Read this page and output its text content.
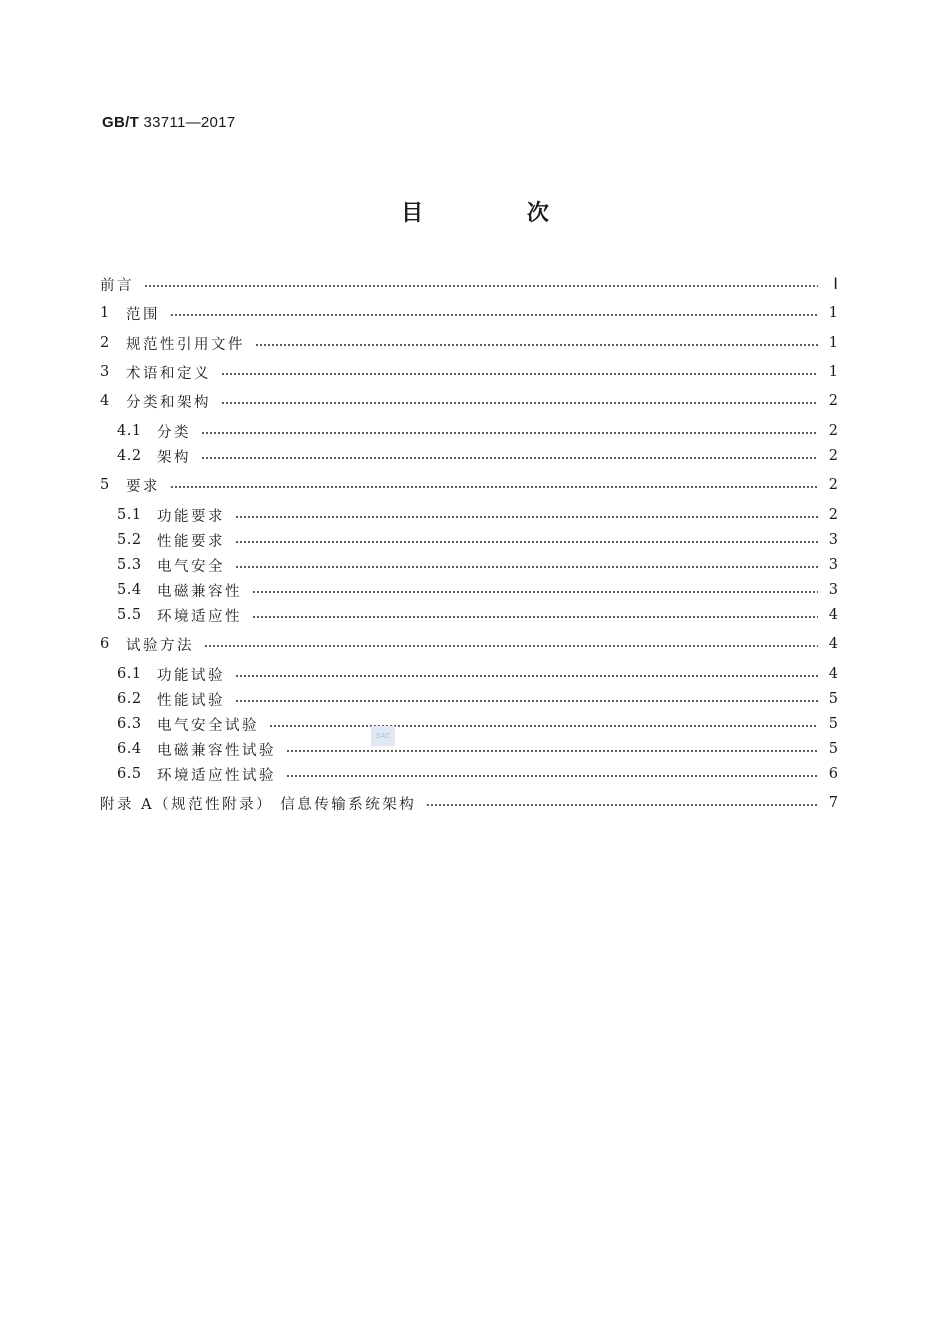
GB/T 33711—2017
目 次
前言	Ⅰ
1	范围	1
2	规范性引用文件	1
3	术语和定义	1
4	分类和架构	2
4.1	分类	2
4.2	架构	2
5	要求	2
5.1	功能要求	2
5.2	性能要求	3
5.3	电气安全	3
5.4	电磁兼容性	3
5.5	环境适应性	4
6	试验方法	4
6.1	功能试验	4
6.2	性能试验	5
6.3	电气安全试验	5
6.4	电磁兼容性试验	5
6.5	环境适应性试验	6
附录 A（规范性附录） 信息传输系统架构	7
SAC
